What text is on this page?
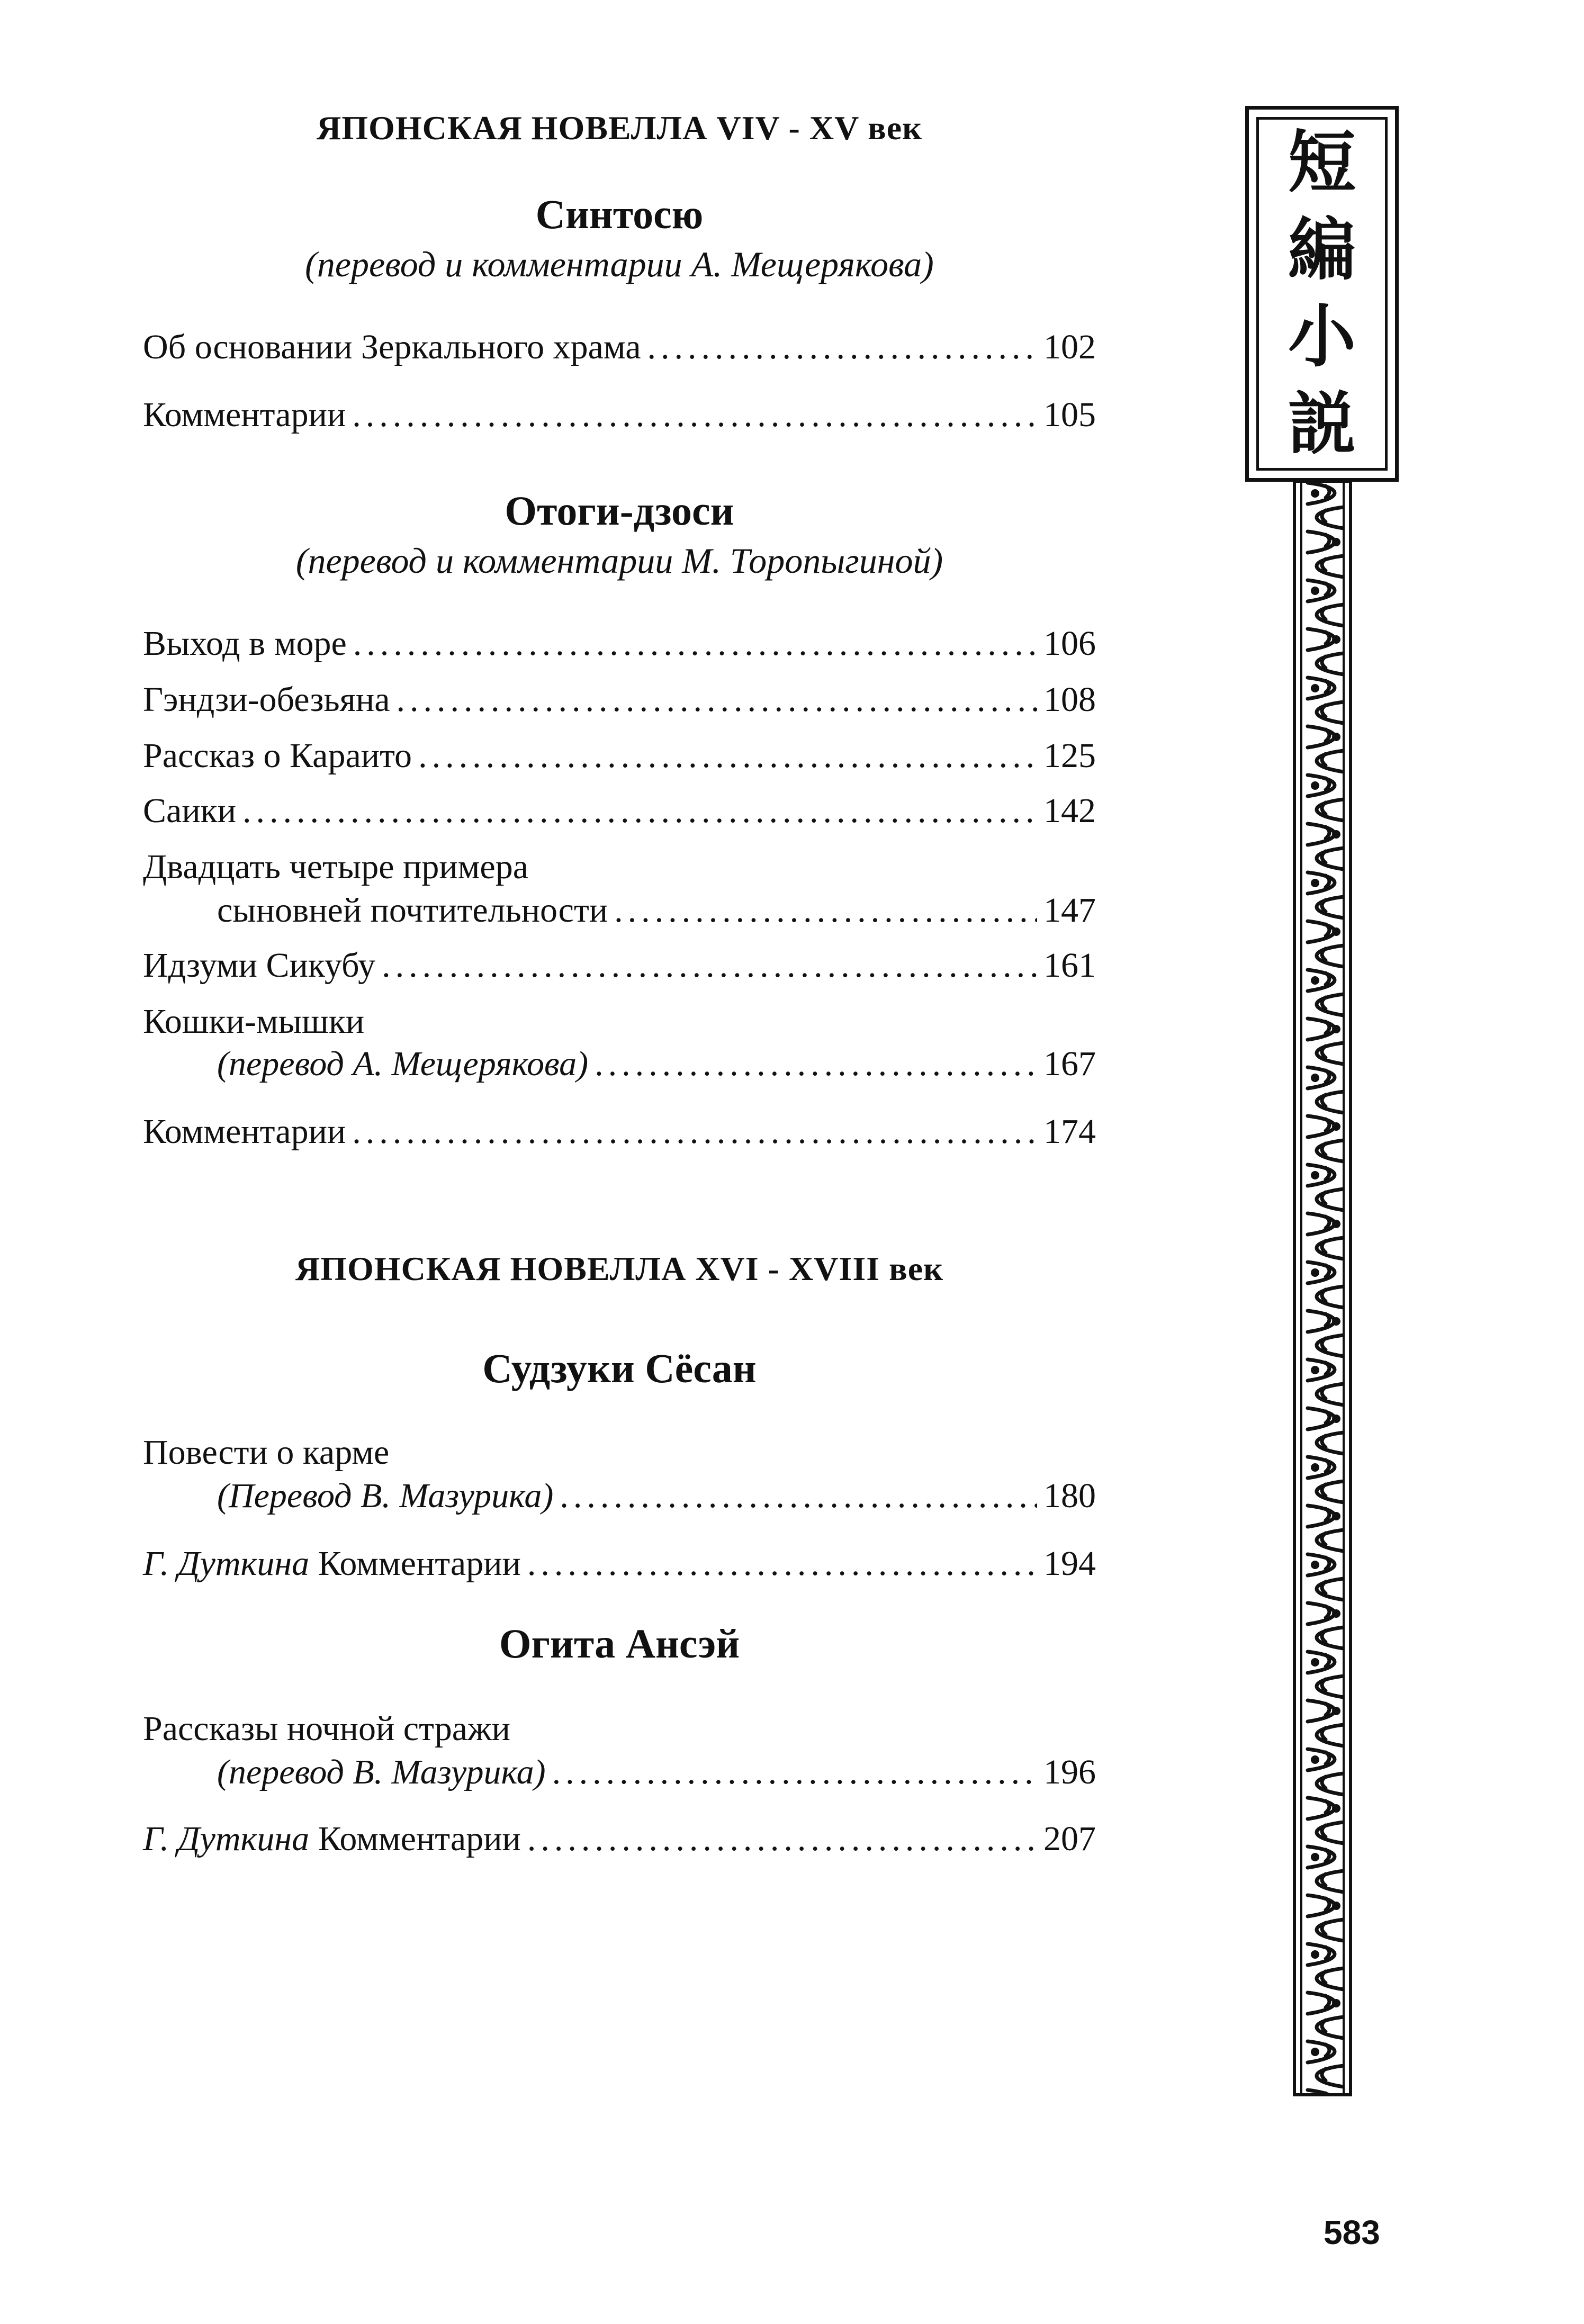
ЯПОНСКАЯ НОВЕЛЛА VIV - XV век
Синтосю
(перевод и комментарии А. Мещерякова)
Об основании Зеркального храма .....	102
Комментарии .....	105
Отоги-дзоси
(перевод и комментарии М. Торопыгиной)
Выход в море .....	106
Гэндзи-обезьяна .....	108
Рассказ о Караито .....	125
Саики .....	142
Двадцать четыре примера
сыновней почтительности .....	147
Идзуми Сикубу .....	161
Кошки-мышки
(перевод А. Мещерякова) .....	167
Комментарии .....	174
ЯПОНСКАЯ НОВЕЛЛА XVI - XVIII век
Судзуки Сёсан
Повести о карме
(Перевод В. Мазурика) .....	180
Г. Дуткина Комментарии .....	194
Огита Ансэй
Рассказы ночной стражи
(перевод В. Мазурика) .....	196
Г. Дуткина Комментарии .....	207
短
編
小
説
583
